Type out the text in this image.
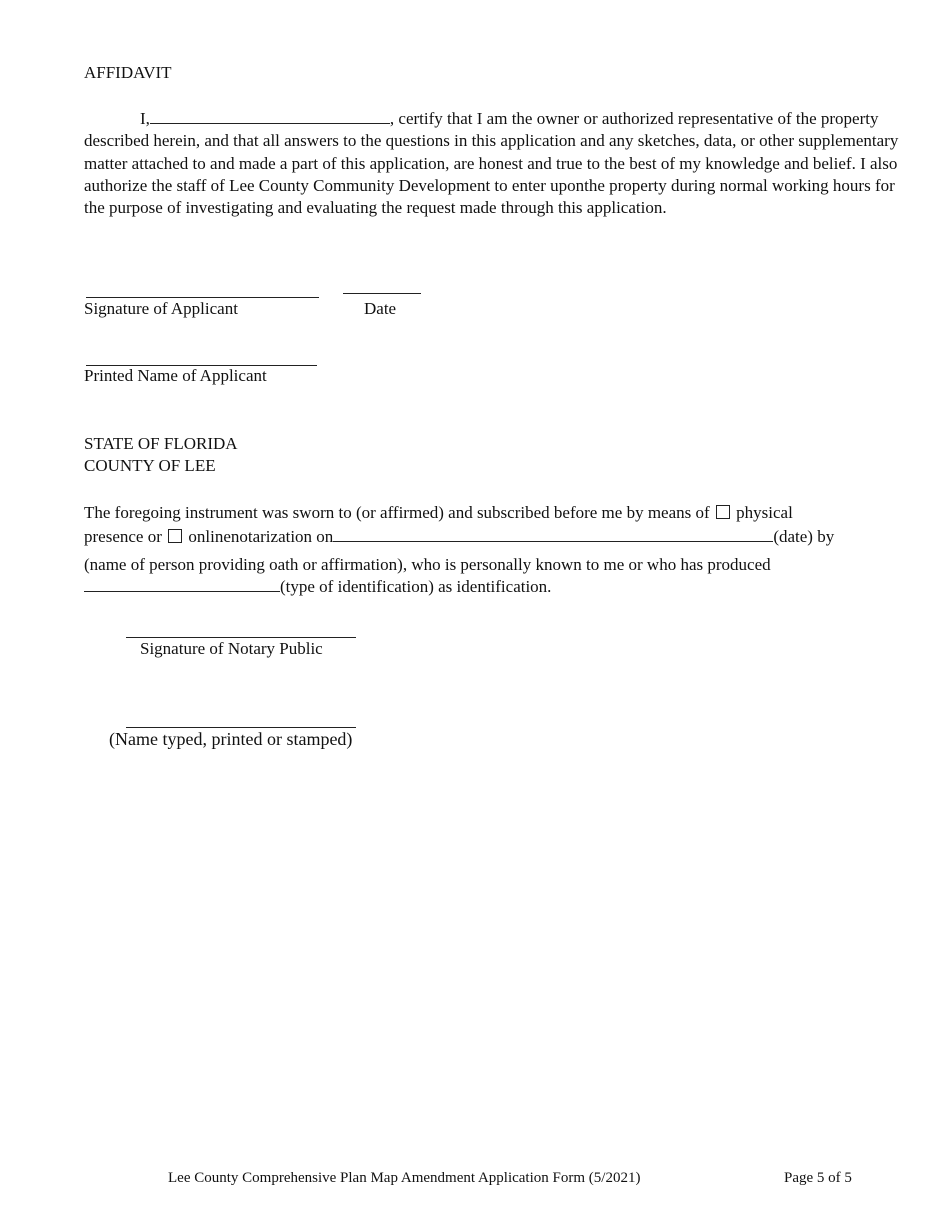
AFFIDAVIT
I,	, certify that I am the owner or authorized representative of the property described herein, and that all answers to the questions in this application and any sketches, data, or other supplementary matter attached to and made a part of this application, are honest and true to the best of my knowledge and belief. I also authorize the staff of Lee County Community Development to enter uponthe property during normal working hours for the purpose of investigating and evaluating the request made through this application.
Signature of Applicant	Date
Printed Name of Applicant
STATE OF FLORIDA
COUNTY OF LEE
The foregoing instrument was sworn to (or affirmed) and subscribed before me by means of physical
presence or onlinenotarization on	(date) by
(name of person providing oath or affirmation), who is personally known to me or who has produced
(type of identification) as identification.
Signature of Notary Public
(Name typed, printed or stamped)
Lee County Comprehensive Plan Map Amendment Application Form (5/2021)	Page 5 of 5
